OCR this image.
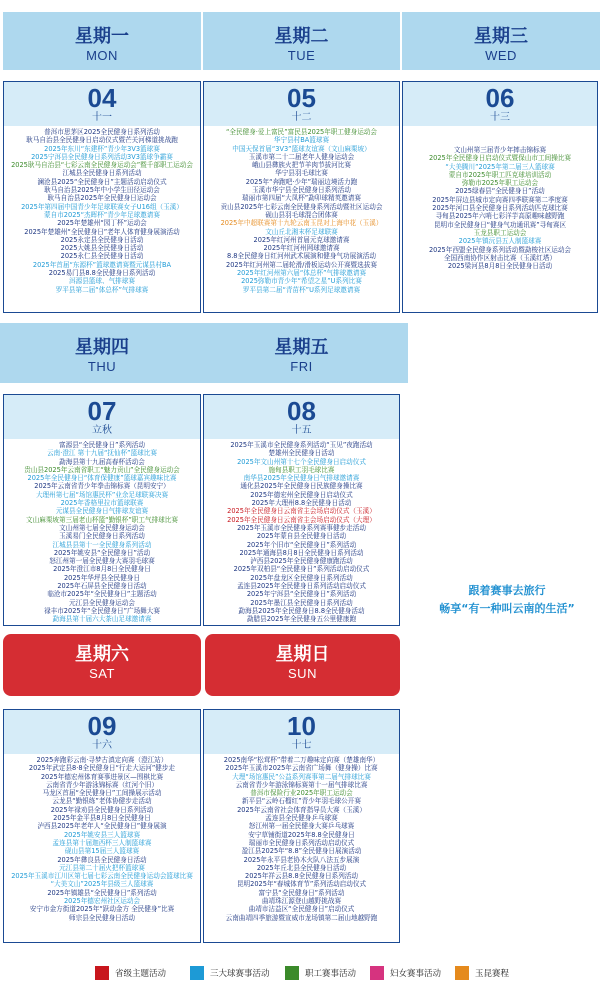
星期一
MON
星期二
TUE
星期三
WED
04
十一
普洱市思茅区2025全民健身日系列活动
耿马自治县全民健身日启动仪式暨芒关河梯道挑战跑
2025年东川“东建杯”青少年3V3篮球赛
2025宁洱县全民健身日系列活动3V3篮球争霸赛
2025耿马自治县“七彩云南全民健身运动会”暨千部职工运动会
江城县全民健身日系列活动
澜沧县2025“全民健身日”主题活动启动仪式
耿马自治县2025年中小学生田径运动会
耿马自治县2025年全民健身日运动会
2025年第四届中国青少年足球联赛女子U16组（玉溪）
蒙自市2025“杰晖杯”青少年足球邀请赛
2025年楚雄州“园丁杯”运动会
2025年楚雄州“全民健身日”老年人体育健身展演活动
2025永定县全民健身日活动
2025大姚县全民健身日活动
2025永仁县全民健身日活动
2025年首届“东源杯”篮球邀请赛暨元谋县村BA
2025易门县8.8全民健身日系列活动
洱源县篮球、气排球赛
罗平县第二届“体总杯”气排球赛
05
十二
“全民健身·爱上富民”富民县2025年职工健身运动会
华宁县村BA篮球赛
中国天保首届“3V3”篮球友谊赛（文山麻栗坡）
玉溪市第二十二届老年人健身运动会
峨山县彝族火把节羊肉节拔河比赛
华宁县羽毛球比赛
2025年“奔跑吧·少年”瑞丽边境活力跑
玉溪市华宁县全民健身日系列活动
瑞丽市第四届“大凤杯”勐卯球精英邀请赛
贡山县2025年七彩云南全民健身系列活动暨社区运动会
砚山县羽毛球混合团体赛
2025年中超联赛第十九轮云南玉昆对上海申花（玉溪）
文山丘北湘末杯足球联赛
2025年红河州首届元克球邀请赛
2025年红河州网球邀请赛
8.8全民健身日红河州武术展演和健身气功展演活动
2025年红河州第二届轮滑/滑板运动公开赛暨选拔赛
2025年红河州第六届“体总杯”气排球邀请赛
2025弥勒市青少年“希望之星”U系列比赛
罗平县第二届“青苗杯”U系列足球邀请赛
06
十三
文山州第三届青少年摔击锦标赛
2025年全民健身日启动仪式暨保山市工间操比赛
“大美腾川”2025年第二届三人篮球赛
蒙自市2025年职工匹克球培训活动
弥勒市2025年职工运动会
2025绿春县“全民健身日”活动
2025年屏边县城市定向赛四季联赛第二季度赛
2025年河口县全民健身日系列活动匹克球比赛
寻甸县2025年六哨七彩洋芋高原趣味越野跑
昆明市全民健身日“健身气功通讯赛”寻甸赛区
玉龙县职工运动会
2025年镇沅县五人制篮球赛
2025年西盟全民健身系列活动暨勐梭社区运动会
全国西南协作区射击比赛（玉溪红塔）
2025梁河县8月8日全民健身日活动
星期四
THU
星期五
FRI
07
立秋
富源县“全民健身日”系列活动
云南·澄江 第十九届“抚仙杯”篮球比赛
勐海县第十九届高春杯活动会
贵山县2025年云南省职工“魅力贡山”全民健身运动会
2025年全民健身日“体育保健康”篮球嘉宾趣味比赛
2025年云南省青少年拳击锦标赛（昆明安宁）
大理州第七届“场馆惠民杯”业余足球联赛决赛
2025年香格里拉市篮球联赛
元谋县全民健身日气排球友谊赛
文山麻栗坡第三届老山杯篮“勤银杯”职工气排球比赛
文山州第七届全民健身运动会
玉溪易门全民健身日系列活动
江城县县第十一全民健身系列活动
2025年姚安县“全民健身日”活动
怒江州第一届全民健身大赛羽毛球赛
2025年澄江市8月8日全民健身日
2025年华坪县全民健身日
2025年石屏县全民健身日活动
临沧市2025年“全民健身日”主题活动
元江县全民健身运动会
禄丰市2025年“全民健身日”广场舞大赛
勐海县第十届六大茶山足球邀请赛
08
十五
2025年玉溪市全民健身系列活动“玉见”夜跑活动
楚雄州全民健身日活动
2025年文山州第十七个全民健身日启动仪式
施甸县职工羽毛球比赛
南华县2025年全民健身日气排球邀请赛
通化县2025年全民健身日民族健身操比赛
2025年德宏州全民健身日启动仪式
2025年大理州8.8全民健身日活动
2025年全民健身日云南省主会场启动仪式（玉溪）
2025年全民健身日云南省主会场启动仪式（大理）
2025年玉溪市全民健身系列赛事健步走活动
2025年蒙自县全民健身日活动
2025年个旧市“全民健身日”系列活动
2025年通海县8月8日全民健身日系列活动
泸西县2025年全民健身健康跑活动
2025年双柏县“全民健身日”系列活动启动仪式
2025年盘龙区全民健身日系列活动
孟连县2025年全民健身日系列活动启动仪式
2025年宁洱县“全民健身日”系列活动
2025年墨江县全民健身日系列活动
勐海县2025年全民健身日8.8全民健身活动
勐腊县2025年全民健身五公里健康跑
跟着赛事去旅行
畅享“有一种叫云南的生活”
星期六
SAT
星期日
SUN
09
十六
2025奔跑彩云南·寻梦古滇定向赛（澄江站）
2025年武定县8·8全民健身日“行走大运河”健步走
2025年德宏州体育赛事进景区—围棋比赛
云南省青少年游泳锦标赛（红河个旧）
马龙区首届“全民健身日”工间操展示活动
云龙县“勤银练”老体协健步走活动
2025年禄劝县全民健身日系列活动
2025年金平县8月8日全民健身日
泸西县2025年老年人“全民健身日”健身展演
2025年姚安县三人篮球赛
孟连县第十届迦西杯三人制篮球赛
砚山县第15届三人篮球赛
2025年彝良县全民健身日活动
元江县第二十届火把杯篮球赛
2025年玉溪市江川区第七届七彩云南全民健身运动会篮球比赛
“大美文山”2025年县级三人篮球赛
2025年镇雄县“全民健身日”系列活动
2025年德宏州社区运动会
安宁市金方街道2025年“跃动金方 全民健身”比赛
师宗县全民健身日活动
10
十七
2025南华“松茸杯”带着二万趣味定向赛（楚雄南华）
2025年玉溪市2025年云南省广场舞（健身操）比赛
大理“场馆惠民”公益系列赛事第二届气排球比赛
云南省青少年游泳锦标赛第十一届气排球比赛
普洱市保险行业2025年职工运动会
新平县“云岭石榴红”青少年羽毛球公开赛
2025年云南省社会体育指导员大赛（玉溪）
孟连县全民健身乒乓球赛
怒江州第一届全民健身大赛乒乓球赛
安宁草铺街道2025年8.8全民健身日
瑞丽市全民健身日系列活动启动仪式
盈江县2025年“8.8”全民健身日展演活动
2025年永平县老协木火队八法五步展演
2025年丘北县全民健身日活动
2025年祥云县8.8全民健身日系列活动
昆明2025年“春城体育节”系列活动启动仪式
富宁县“全民健身日”系列活动
曲靖珠江源登山越野挑战赛
曲靖市沾益区“全民健身日”启动仪式
云南曲靖四季旅游暨宣威市龙场镇第二届山地越野跑
省级主题活动	三大球赛事活动	职工赛事活动	妇女赛事活动	玉昆赛程
